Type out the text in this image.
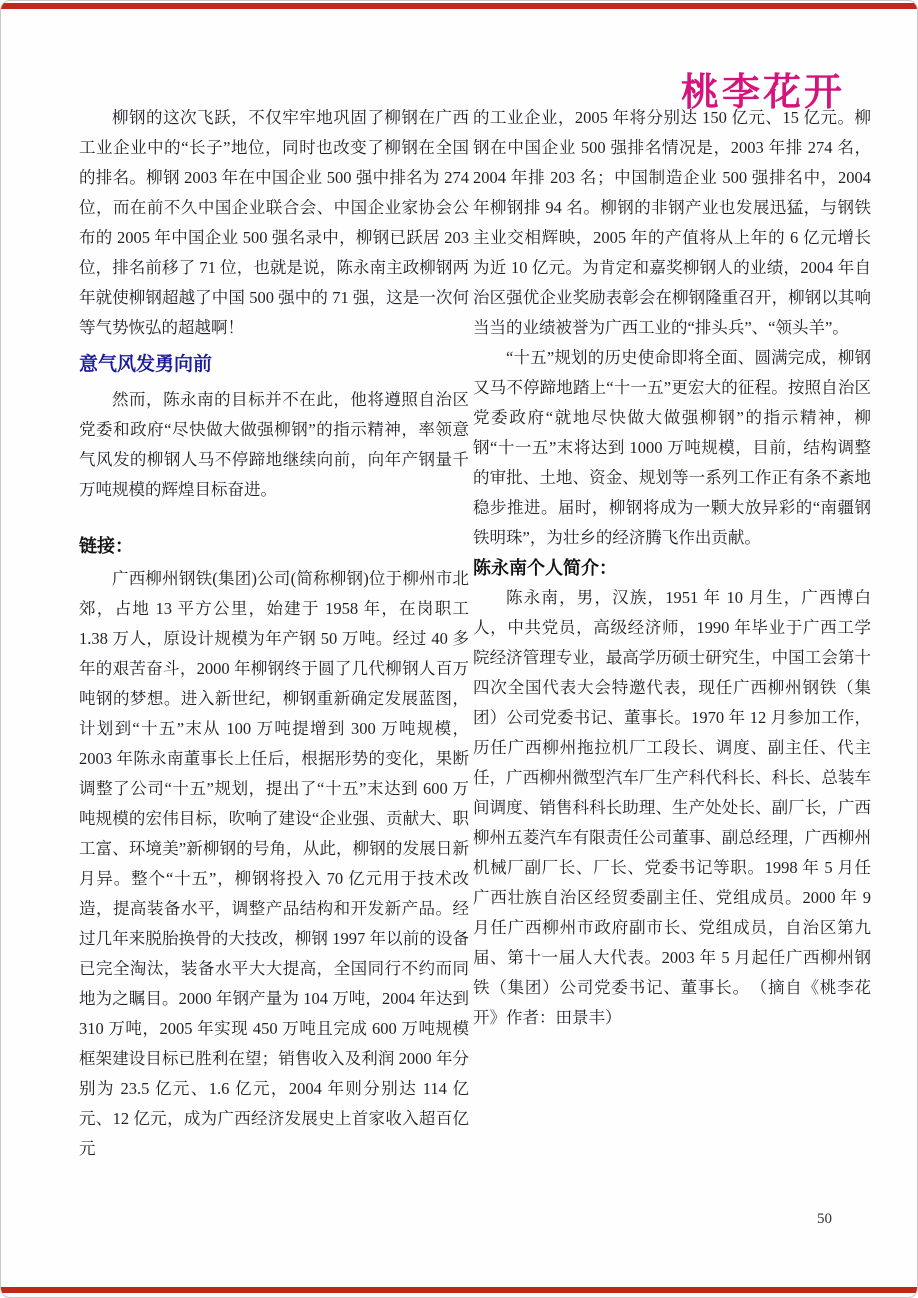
桃李花开

柳钢的这次飞跃，不仅牢牢地巩固了柳钢在广西工业企业中的“长子”地位，同时也改变了柳钢在全国的排名。柳钢 2003 年在中国企业 500 强中排名为 274 位，而在前不久中国企业联合会、中国企业家协会公布的 2005 年中国企业 500 强名录中，柳钢已跃居 203 位，排名前移了 71 位，也就是说，陈永南主政柳钢两年就使柳钢超越了中国 500 强中的 71 强，这是一次何等气势恢弘的超越啊！

意气风发勇向前

然而，陈永南的目标并不在此，他将遵照自治区党委和政府“尽快做大做强柳钢”的指示精神，率领意气风发的柳钢人马不停蹄地继续向前，向年产钢量千万吨规模的辉煌目标奋进。

链接：

广西柳州钢铁(集团)公司(简称柳钢)位于柳州市北郊，占地 13 平方公里，始建于 1958 年，在岗职工 1.38 万人，原设计规模为年产钢 50 万吨。经过 40 多年的艰苦奋斗，2000 年柳钢终于圆了几代柳钢人百万吨钢的梦想。进入新世纪，柳钢重新确定发展蓝图，计划到“十五”末从 100 万吨提增到 300 万吨规模，2003 年陈永南董事长上任后，根据形势的变化，果断调整了公司“十五”规划，提出了“十五”末达到 600 万吨规模的宏伟目标，吹响了建设“企业强、贡献大、职工富、环境美”新柳钢的号角，从此，柳钢的发展日新月异。整个“十五”，柳钢将投入 70 亿元用于技术改造，提高装备水平，调整产品结构和开发新产品。经过几年来脱胎换骨的大技改，柳钢 1997 年以前的设备已完全淘汰，装备水平大大提高，全国同行不约而同地为之瞩目。2000 年钢产量为 104 万吨，2004 年达到 310 万吨，2005 年实现 450 万吨且完成 600 万吨规模框架建设目标已胜利在望；销售收入及利润 2000 年分别为 23.5 亿元、1.6 亿元，2004 年则分别达 114 亿元、12 亿元，成为广西经济发展史上首家收入超百亿元

的工业企业，2005 年将分别达 150 亿元、15 亿元。柳钢在中国企业 500 强排名情况是，2003 年排 274 名，2004 年排 203 名；中国制造企业 500 强排名中，2004 年柳钢排 94 名。柳钢的非钢产业也发展迅猛，与钢铁主业交相辉映，2005 年的产值将从上年的 6 亿元增长为近 10 亿元。为肯定和嘉奖柳钢人的业绩，2004 年自治区强优企业奖励表彰会在柳钢隆重召开，柳钢以其响当当的业绩被誉为广西工业的“排头兵”、“领头羊”。

“十五”规划的历史使命即将全面、圆满完成，柳钢又马不停蹄地踏上“十一五”更宏大的征程。按照自治区党委政府“就地尽快做大做强柳钢”的指示精神，柳钢“十一五”末将达到 1000 万吨规模，目前，结构调整的审批、土地、资金、规划等一系列工作正有条不紊地稳步推进。届时，柳钢将成为一颗大放异彩的“南疆钢铁明珠”，为壮乡的经济腾飞作出贡献。

陈永南个人简介：

陈永南，男，汉族，1951 年 10 月生，广西博白人，中共党员，高级经济师，1990 年毕业于广西工学院经济管理专业，最高学历硕士研究生，中国工会第十四次全国代表大会特邀代表，现任广西柳州钢铁（集团）公司党委书记、董事长。1970 年 12 月参加工作，历任广西柳州拖拉机厂工段长、调度、副主任、代主任，广西柳州微型汽车厂生产科代科长、科长、总装车间调度、销售科科长助理、生产处处长、副厂长，广西柳州五菱汽车有限责任公司董事、副总经理，广西柳州机械厂副厂长、厂长、党委书记等职。1998 年 5 月任广西壮族自治区经贸委副主任、党组成员。2000 年 9 月任广西柳州市政府副市长、党组成员，自治区第九届、第十一届人大代表。2003 年 5 月起任广西柳州钢铁（集团）公司党委书记、董事长。　（摘自《桃李花开》作者：田景丰）

50
